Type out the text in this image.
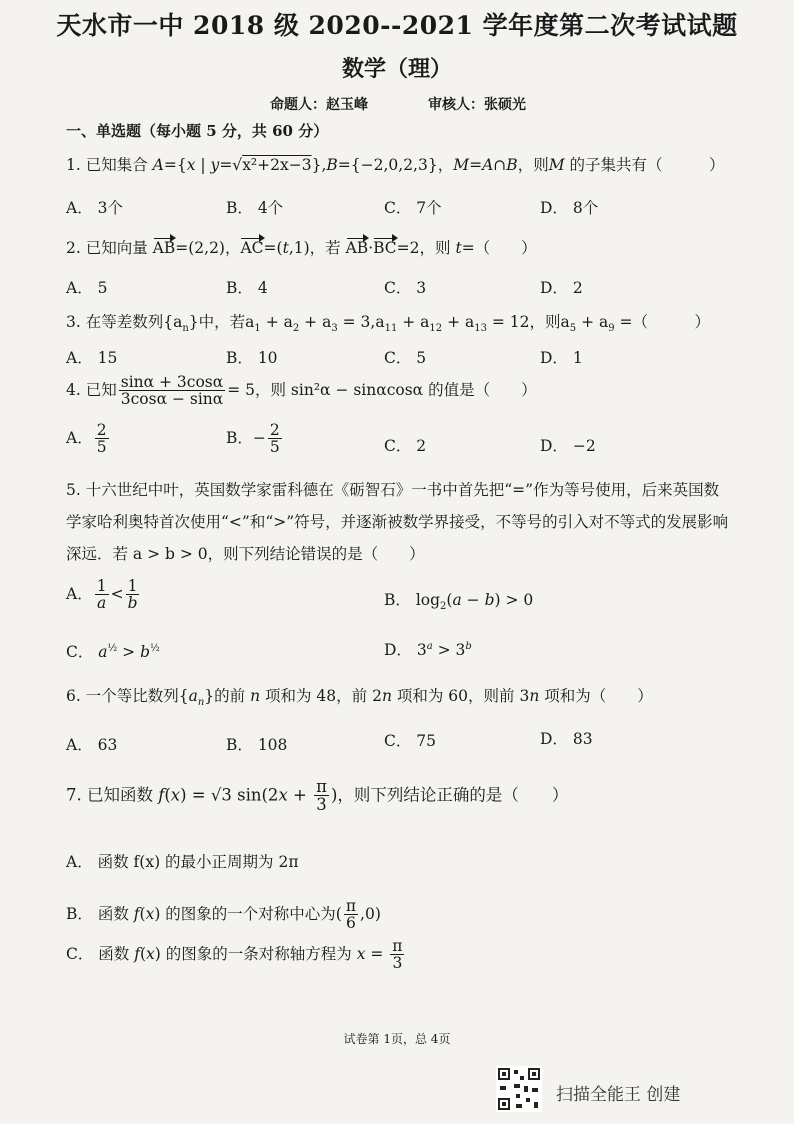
天水市一中 2018 级 2020--2021 学年度第二次考试试题
数学（理）
命题人：赵玉峰	审核人：张硕光
一、单选题（每小题 5 分，共 60 分）
1. 已知集合 A={x | y=√x²+2x−3},B={−2,0,2,3}，M=A∩B，则M 的子集共有（　　　）
A． 3个	B． 4个	C． 7个	D． 8个
2. 已知向量 AB=(2,2)，AC=(t,1)，若 AB·BC=2，则 t=（　　）
A． 5	B． 4	C． 3	D． 2
3. 在等差数列$\{a_n\}$中，若$a_1 + a_2 + a_3 = 3,a_{11} + a_{12} + a_{13} = 12$，则$a_5 + a_9$ =（　　　）
A． 15	B． 10	C． 5	D． 1
4. 已知 $\frac{\sin\alpha + 3\cos\alpha}{3\cos\alpha - \sin\alpha} = 5$，则 sin²α − sinαcosα 的值是（　　）
A． $\frac{2}{5}$	B．− $\frac{2}{5}$	C． 2	D． −2
5. 十六世纪中叶，英国数学家雷科德在《砺智石》一书中首先把“=”作为等号使用，后来英国数
学家哈利奥特首次使用“<”和“>”符号，并逐渐被数学界接受，不等号的引入对不等式的发展影响
深远．若 a > b > 0，则下列结论错误的是（　　）
A． $\frac{1}{a} < \frac{1}{b}$	B． $\log_2(a - b) > 0$
C． $a^{\frac{1}{2}} > b^{\frac{1}{2}}$	D． $3^a > 3^b$
6. 一个等比数列$\{a_n\}$的前 n 项和为 48，前 2n 项和为 60，则前 3n 项和为（　　）
A． 63	B． 108	C． 75	D． 83
7. 已知函数 f(x) = √3 $\sin(2x + \frac{\pi}{3}$ )，则下列结论正确的是（　　）
A． 函数 f(x) 的最小正周期为 2π
B． 函数 f(x) 的图象的一个对称中心为( $\frac{\pi}{6} ,0$)
C． 函数 f(x) 的图象的一条对称轴方程为 $x = \frac{\pi}{3}$
试卷第 1页，总 4页
扫描全能王 创建
